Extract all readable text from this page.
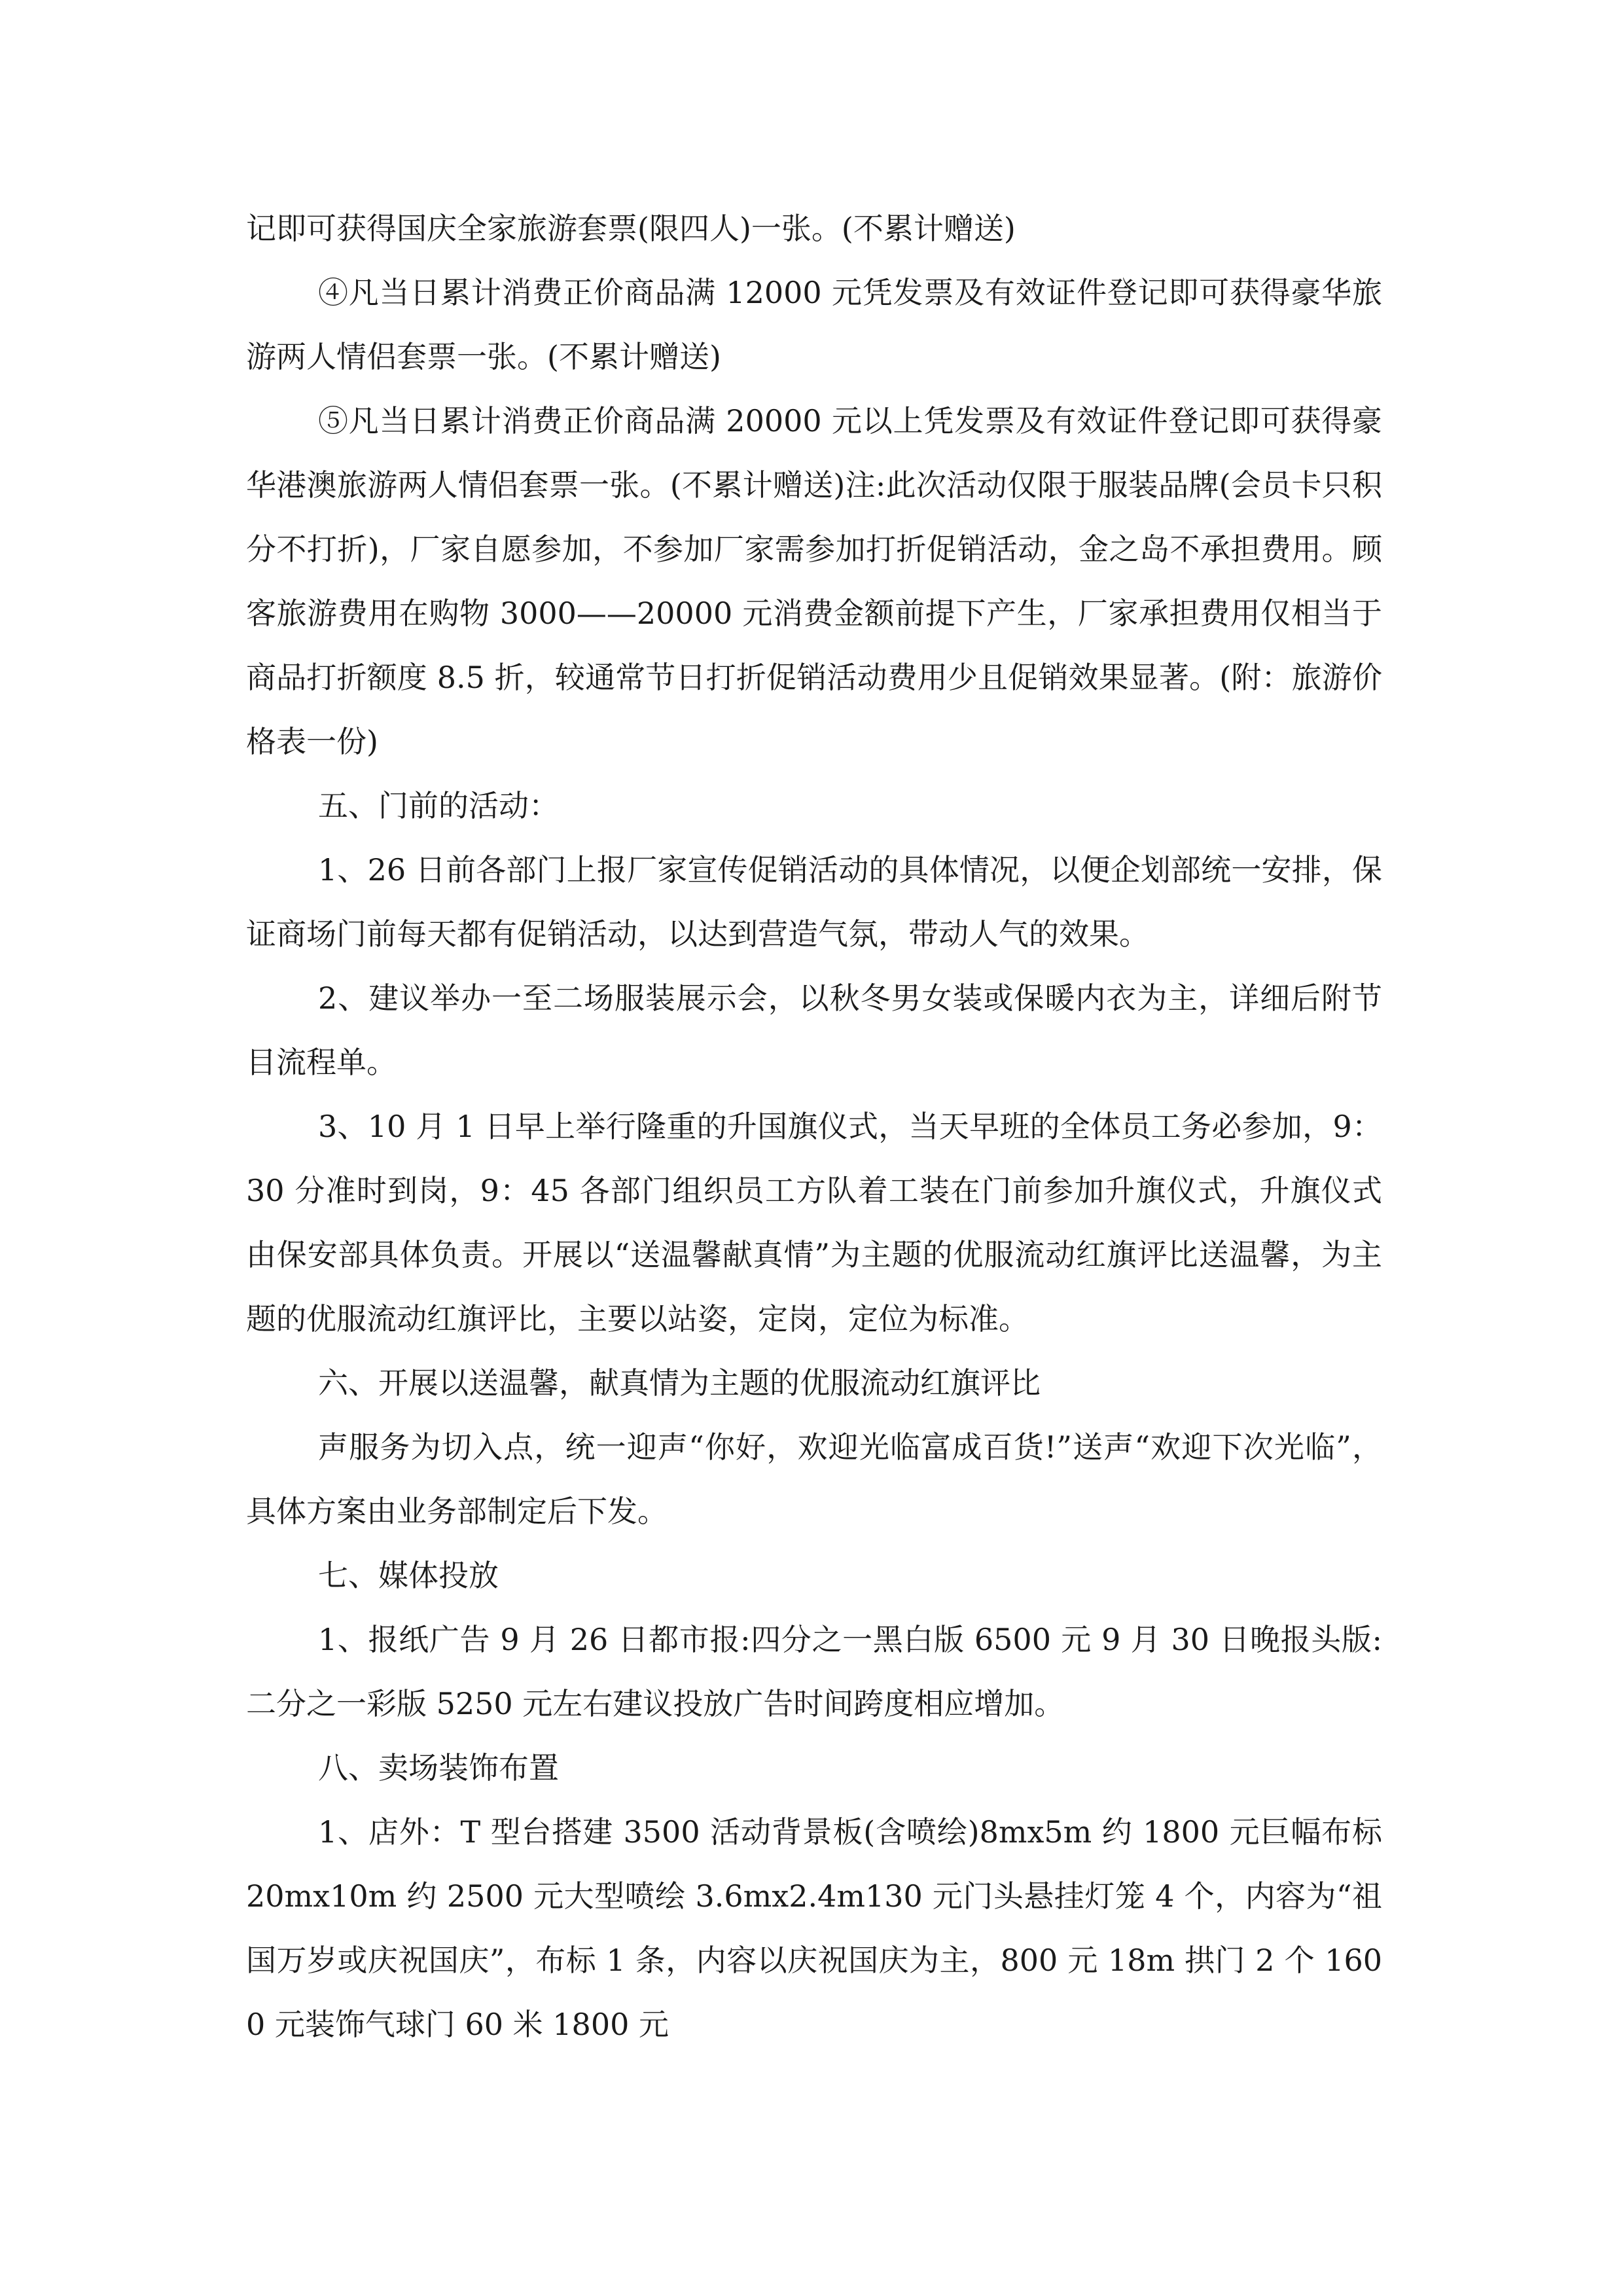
记即可获得国庆全家旅游套票(限四人)一张。(不累计赠送)

④凡当日累计消费正价商品满 12000 元凭发票及有效证件登记即可获得豪华旅游两人情侣套票一张。(不累计赠送)

⑤凡当日累计消费正价商品满 20000 元以上凭发票及有效证件登记即可获得豪华港澳旅游两人情侣套票一张。(不累计赠送)注:此次活动仅限于服装品牌(会员卡只积分不打折)，厂家自愿参加，不参加厂家需参加打折促销活动，金之岛不承担费用。顾客旅游费用在购物 3000——20000 元消费金额前提下产生，厂家承担费用仅相当于商品打折额度 8.5 折，较通常节日打折促销活动费用少且促销效果显著。(附：旅游价格表一份)

五、门前的活动：

1、26 日前各部门上报厂家宣传促销活动的具体情况，以便企划部统一安排，保证商场门前每天都有促销活动，以达到营造气氛，带动人气的效果。

2、建议举办一至二场服装展示会，以秋冬男女装或保暖内衣为主，详细后附节目流程单。

3、10 月 1 日早上举行隆重的升国旗仪式，当天早班的全体员工务必参加，9：30 分准时到岗，9：45 各部门组织员工方队着工装在门前参加升旗仪式，升旗仪式由保安部具体负责。开展以“送温馨献真情”为主题的优服流动红旗评比送温馨，为主题的优服流动红旗评比，主要以站姿，定岗，定位为标准。

六、开展以送温馨，献真情为主题的优服流动红旗评比

声服务为切入点，统一迎声“你好，欢迎光临富成百货!”送声“欢迎下次光临”，具体方案由业务部制定后下发。

七、媒体投放

1、报纸广告 9 月 26 日都市报:四分之一黑白版 6500 元 9 月 30 日晚报头版:二分之一彩版 5250 元左右建议投放广告时间跨度相应增加。

八、卖场装饰布置

1、店外：T 型台搭建 3500 活动背景板(含喷绘)8mx5m 约 1800 元巨幅布标 20mx10m 约 2500 元大型喷绘 3.6mx2.4m130 元门头悬挂灯笼 4 个，内容为“祖国万岁或庆祝国庆”，布标 1 条，内容以庆祝国庆为主，800 元 18m 拱门 2 个 1600 元装饰气球门 60 米 1800 元
